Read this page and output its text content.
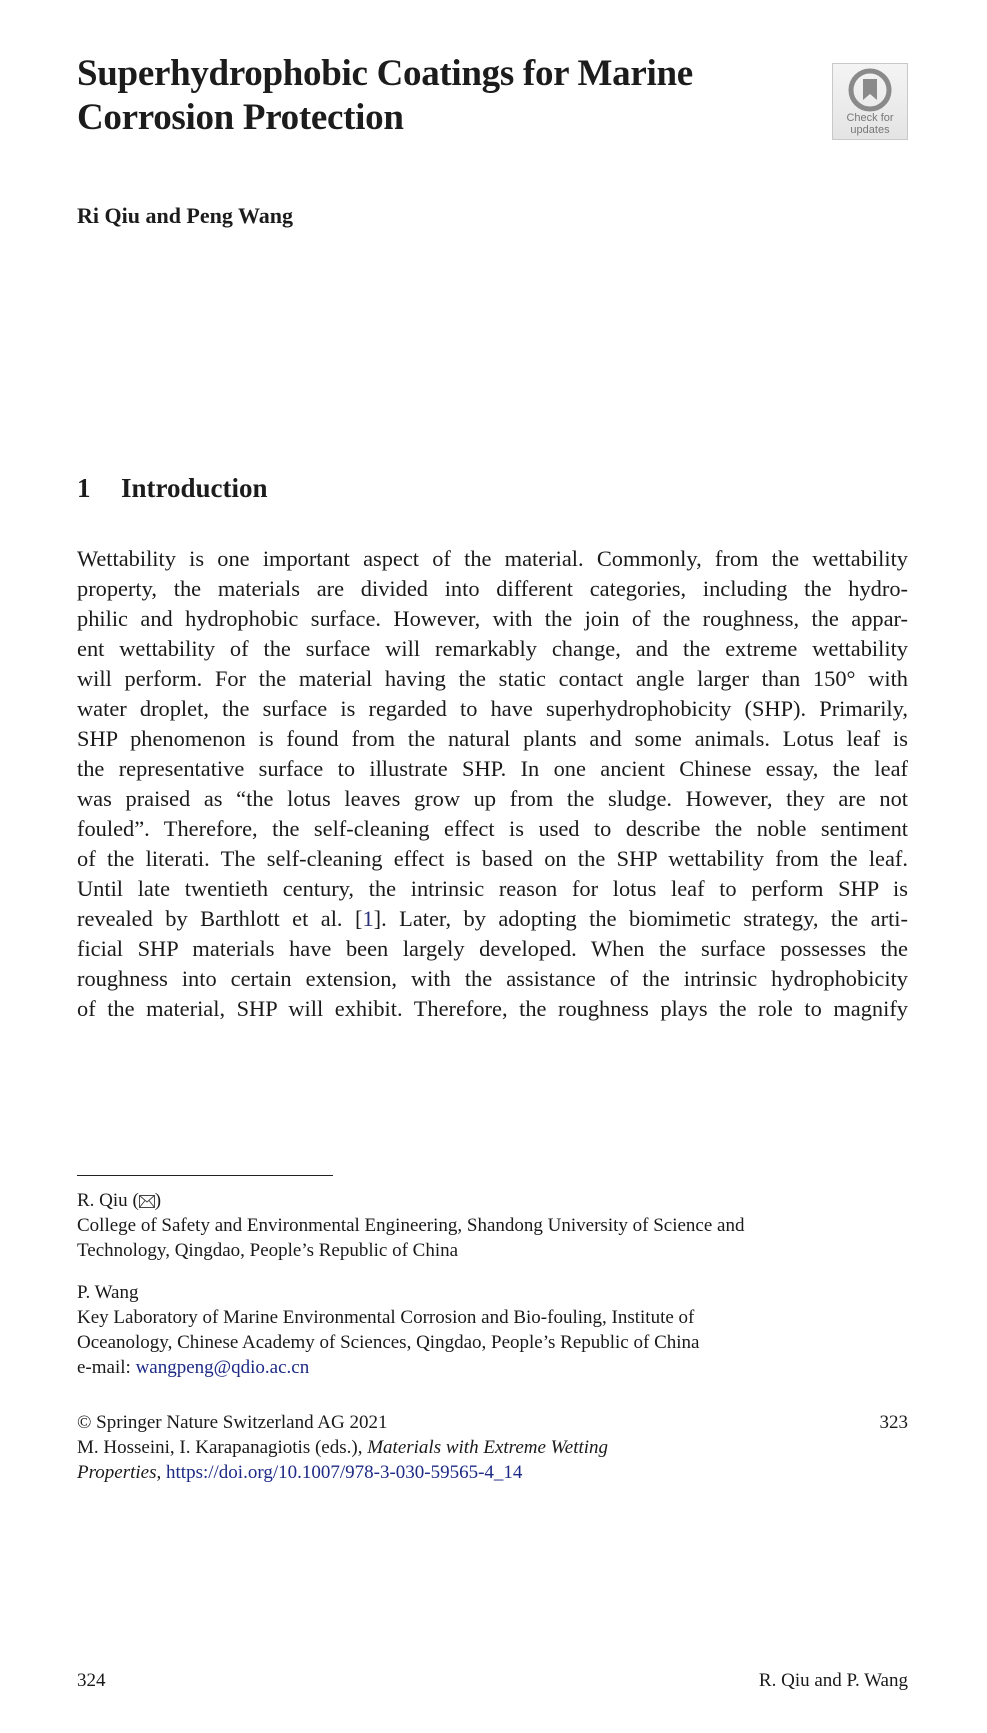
Superhydrophobic Coatings for Marine
Corrosion Protection	Check for
updates
Ri Qiu and Peng Wang
1 Introduction
Wettability is one important aspect of the material. Commonly, from the wettability
property, the materials are divided into different categories, including the hydro-
philic and hydrophobic surface. However, with the join of the roughness, the appar-
ent wettability of the surface will remarkably change, and the extreme wettability
will perform. For the material having the static contact angle larger than 150° with
water droplet, the surface is regarded to have superhydrophobicity (SHP). Primarily,
SHP phenomenon is found from the natural plants and some animals. Lotus leaf is
the representative surface to illustrate SHP. In one ancient Chinese essay, the leaf
was praised as “the lotus leaves grow up from the sludge. However, they are not
fouled”. Therefore, the self-cleaning effect is used to describe the noble sentiment
of the literati. The self-cleaning effect is based on the SHP wettability from the leaf.
Until late twentieth century, the intrinsic reason for lotus leaf to perform SHP is
revealed by Barthlott et al. [1]. Later, by adopting the biomimetic strategy, the arti-
ficial SHP materials have been largely developed. When the surface possesses the
roughness into certain extension, with the assistance of the intrinsic hydrophobicity
of the material, SHP will exhibit. Therefore, the roughness plays the role to magnify
R. Qiu ( )
College of Safety and Environmental Engineering, Shandong University of Science and
Technology, Qingdao, People’s Republic of China
P. Wang
Key Laboratory of Marine Environmental Corrosion and Bio-fouling, Institute of
Oceanology, Chinese Academy of Sciences, Qingdao, People’s Republic of China
e-mail: wangpeng@qdio.ac.cn
© Springer Nature Switzerland AG 2021	323
M. Hosseini, I. Karapanagiotis (eds.), Materials with Extreme Wetting
Properties, https://doi.org/10.1007/978-3-030-59565-4_14
324	R. Qiu and P. Wang
